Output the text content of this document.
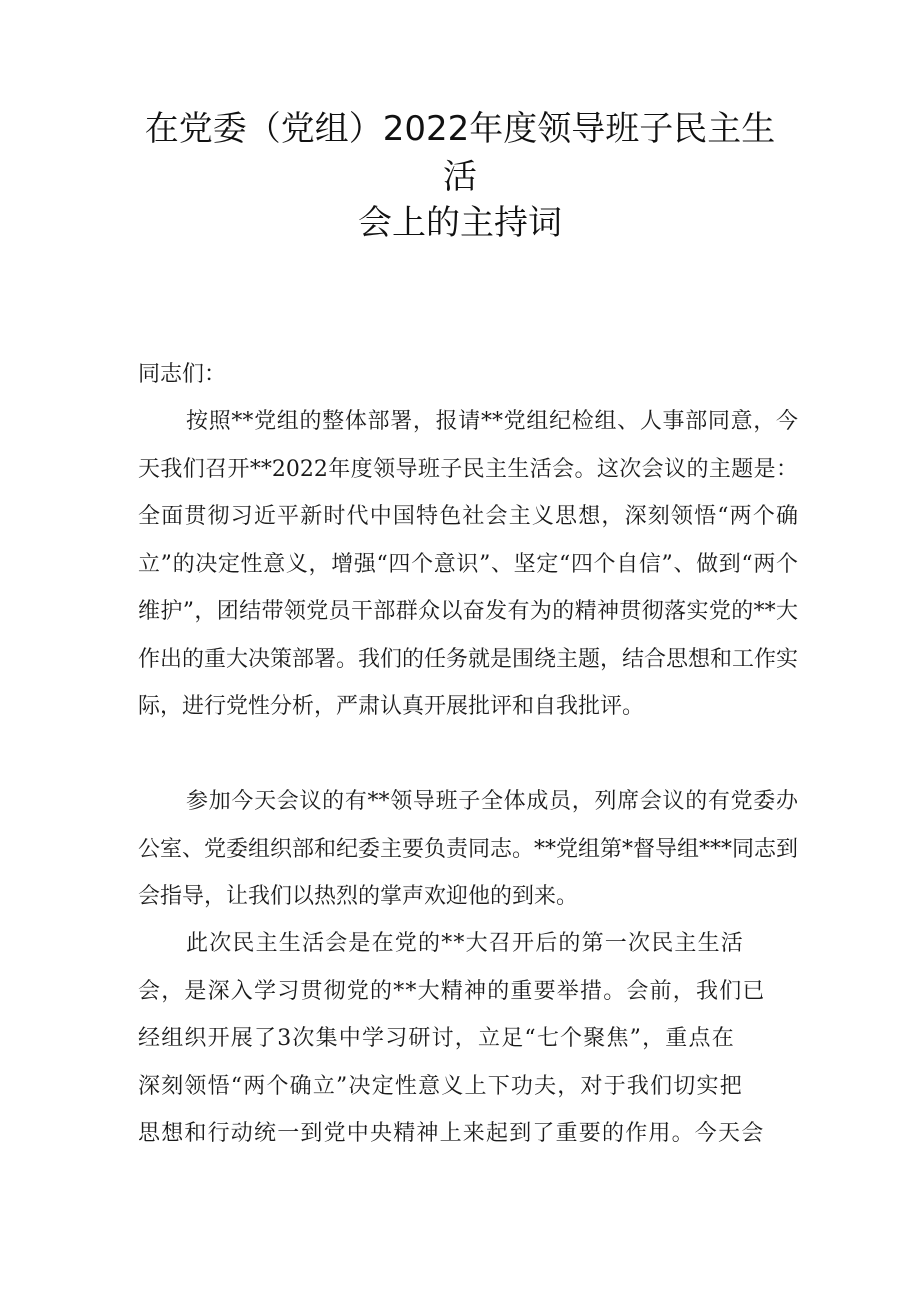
在党委（党组）2022年度领导班子民主生
活
会上的主持词

同志们：

按照**党组的整体部署，报请**党组纪检组、人事部同意，今天我们召开**2022年度领导班子民主生活会。这次会议的主题是：全面贯彻习近平新时代中国特色社会主义思想，深刻领悟“两个确立”的决定性意义，增强“四个意识”、坚定“四个自信”、做到“两个维护”，团结带领党员干部群众以奋发有为的精神贯彻落实党的**大作出的重大决策部署。我们的任务就是围绕主题，结合思想和工作实际，进行党性分析，严肃认真开展批评和自我批评。

参加今天会议的有**领导班子全体成员，列席会议的有党委办公室、党委组织部和纪委主要负责同志。**党组第*督导组***同志到会指导，让我们以热烈的掌声欢迎他的到来。

此次民主生活会是在党的**大召开后的第一次民主生活
会，是深入学习贯彻党的**大精神的重要举措。会前，我们已
经组织开展了3次集中学习研讨，立足“七个聚焦”，重点在
深刻领悟“两个确立”决定性意义上下功夫，对于我们切实把
思想和行动统一到党中央精神上来起到了重要的作用。今天会
